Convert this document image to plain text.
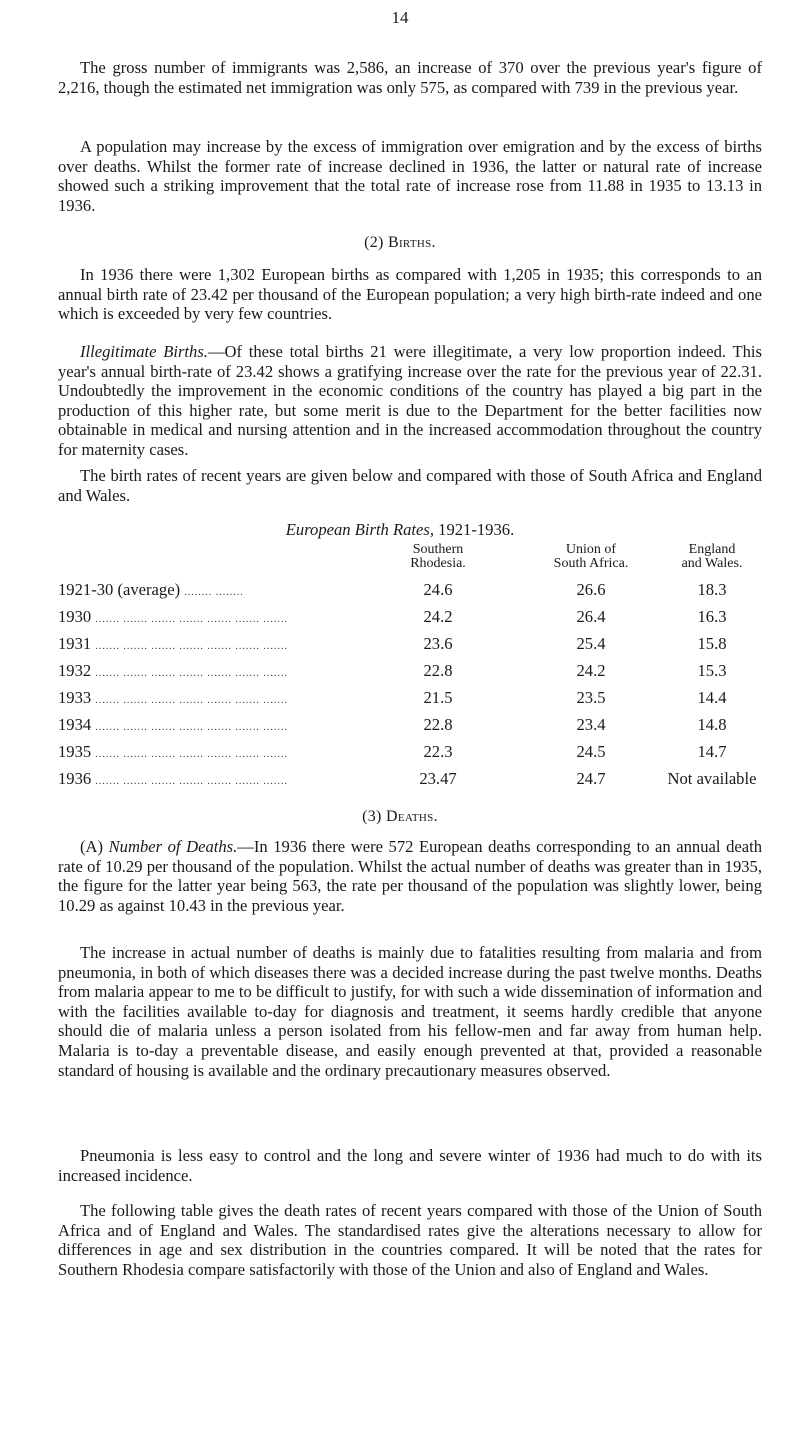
14

The gross number of immigrants was 2,586, an increase of 370 over the previous year's figure of 2,216, though the estimated net immigration was only 575, as compared with 739 in the previous year.

A population may increase by the excess of immigration over emigration and by the excess of births over deaths. Whilst the former rate of increase declined in 1936, the latter or natural rate of increase showed such a striking improvement that the total rate of increase rose from 11.88 in 1935 to 13.13 in 1936.

(2) Births.

In 1936 there were 1,302 European births as compared with 1,205 in 1935; this corresponds to an annual birth rate of 23.42 per thousand of the European population; a very high birth-rate indeed and one which is exceeded by very few countries.

Illegitimate Births.—Of these total births 21 were illegitimate, a very low proportion indeed. This year's annual birth-rate of 23.42 shows a gratifying increase over the rate for the previous year of 22.31. Undoubtedly the improvement in the economic conditions of the country has played a big part in the production of this higher rate, but some merit is due to the Department for the better facilities now obtainable in medical and nursing attention and in the increased accommodation throughout the country for maternity cases.

The birth rates of recent years are given below and compared with those of South Africa and England and Wales.

European Birth Rates, 1921-1936.

Southern
Rhodesia.
Union of
South Africa.
England
and Wales.
1921-30 (average) ........ ........	24.6	26.6	18.3
1930 ....... ....... ....... ....... ....... ....... .......	24.2	26.4	16.3
1931 ....... ....... ....... ....... ....... ....... .......	23.6	25.4	15.8
1932 ....... ....... ....... ....... ....... ....... .......	22.8	24.2	15.3
1933 ....... ....... ....... ....... ....... ....... .......	21.5	23.5	14.4
1934 ....... ....... ....... ....... ....... ....... .......	22.8	23.4	14.8
1935 ....... ....... ....... ....... ....... ....... .......	22.3	24.5	14.7
1936 ....... ....... ....... ....... ....... ....... .......	23.47	24.7	Not available

(3) Deaths.

(A) Number of Deaths.—In 1936 there were 572 European deaths corresponding to an annual death rate of 10.29 per thousand of the population. Whilst the actual number of deaths was greater than in 1935, the figure for the latter year being 563, the rate per thousand of the population was slightly lower, being 10.29 as against 10.43 in the previous year.

The increase in actual number of deaths is mainly due to fatalities resulting from malaria and from pneumonia, in both of which diseases there was a decided increase during the past twelve months. Deaths from malaria appear to me to be difficult to justify, for with such a wide dissemination of information and with the facilities available to-day for diagnosis and treatment, it seems hardly credible that anyone should die of malaria unless a person isolated from his fellow-men and far away from human help. Malaria is to-day a preventable disease, and easily enough prevented at that, provided a reasonable standard of housing is available and the ordinary precautionary measures observed.

Pneumonia is less easy to control and the long and severe winter of 1936 had much to do with its increased incidence.

The following table gives the death rates of recent years compared with those of the Union of South Africa and of England and Wales. The standardised rates give the alterations necessary to allow for differences in age and sex distribution in the countries compared. It will be noted that the rates for Southern Rhodesia compare satisfactorily with those of the Union and also of England and Wales.
